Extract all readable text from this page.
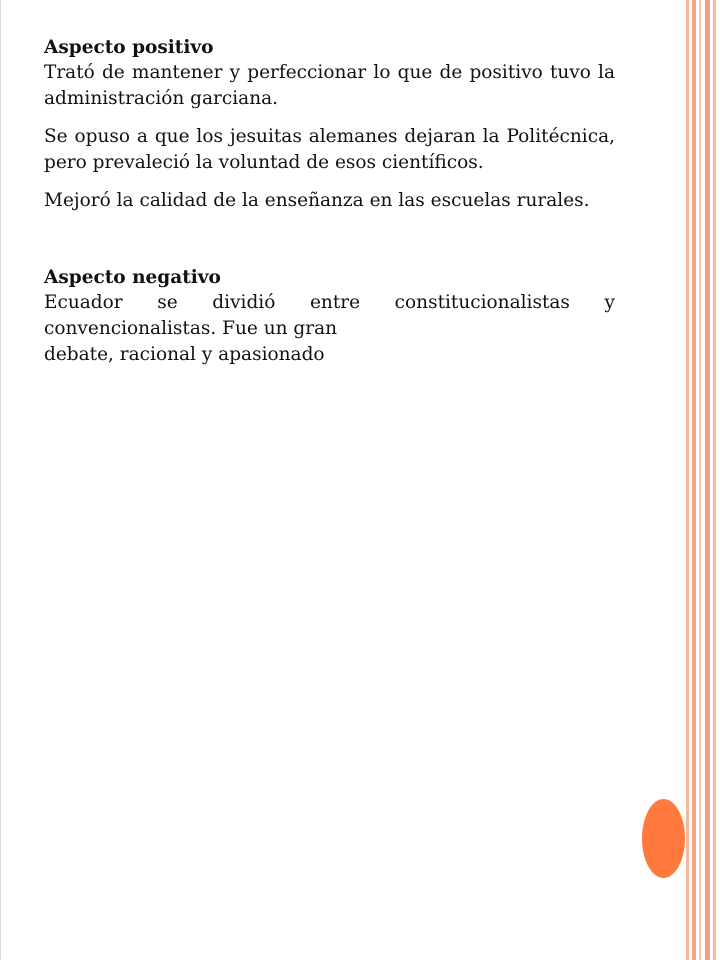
Aspecto positivo

Trató de mantener y perfeccionar lo que de positivo tuvo la administración garciana.

Se opuso a que los jesuitas alemanes dejaran la Politécnica, pero prevaleció la voluntad de esos científicos.

Mejoró la calidad de la enseñanza en las escuelas rurales.

Aspecto negativo

Ecuador se dividió entre constitucionalistas y convencionalistas. Fue un gran

debate, racional y apasionado
